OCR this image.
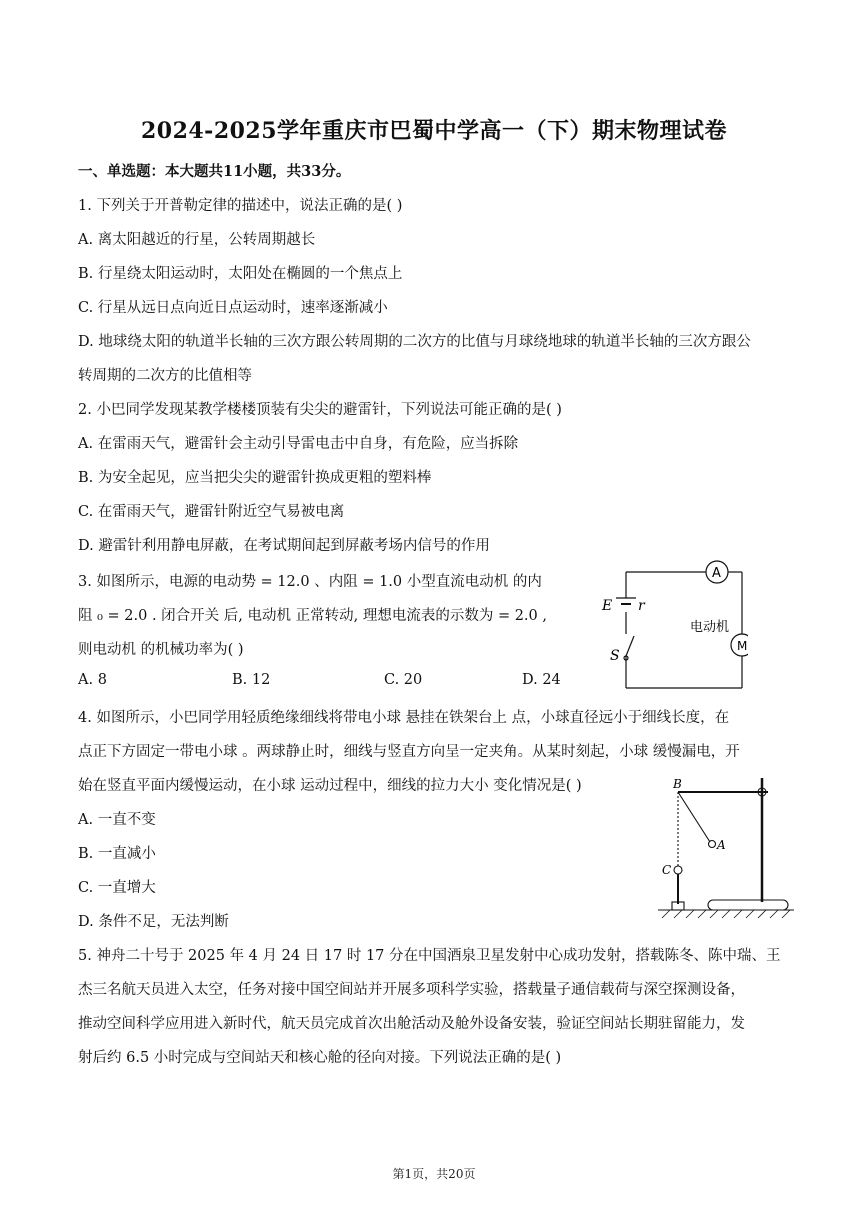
2024-2025学年重庆市巴蜀中学高一（下）期末物理试卷
一、单选题：本大题共11小题，共33分。
1. 下列关于开普勒定律的描述中，说法正确的是( )
A. 离太阳越近的行星，公转周期越长
B. 行星绕太阳运动时，太阳处在椭圆的一个焦点上
C. 行星从远日点向近日点运动时，速率逐渐减小
D. 地球绕太阳的轨道半长轴的三次方跟公转周期的二次方的比值与月球绕地球的轨道半长轴的三次方跟公
转周期的二次方的比值相等
2. 小巴同学发现某教学楼楼顶装有尖尖的避雷针，下列说法可能正确的是( )
A. 在雷雨天气，避雷针会主动引导雷电击中自身，有危险，应当拆除
B. 为安全起见，应当把尖尖的避雷针换成更粗的塑料棒
C. 在雷雨天气，避雷针附近空气易被电离
D. 避雷针利用静电屏蔽，在考试期间起到屏蔽考场内信号的作用
3. 如图所示，电源的电动势 = 12.0 、内阻 = 1.0 小型直流电动机 的内
阻 ₀ = 2.0 . 闭合开关 后, 电动机 正常转动, 理想电流表的示数为 = 2.0 ,
则电动机 的机械功率为( )
A. 8	B. 12	C. 20	D. 24
A
M
E r
电动机
S
4. 如图所示，小巴同学用轻质绝缘细线将带电小球 悬挂在铁架台上 点，小球直径远小于细线长度，在
点正下方固定一带电小球 。两球静止时，细线与竖直方向呈一定夹角。从某时刻起，小球 缓慢漏电，开
始在竖直平面内缓慢运动，在小球 运动过程中，细线的拉力大小 变化情况是( )
A. 一直不变
B. 一直减小
C. 一直增大
D. 条件不足，无法判断
B
A
C
5. 神舟二十号于 2025 年 4 月 24 日 17 时 17 分在中国酒泉卫星发射中心成功发射，搭载陈冬、陈中瑞、王
杰三名航天员进入太空，任务对接中国空间站并开展多项科学实验，搭载量子通信载荷与深空探测设备，
推动空间科学应用进入新时代，航天员完成首次出舱活动及舱外设备安装，验证空间站长期驻留能力，发
射后约 6.5 小时完成与空间站天和核心舱的径向对接。下列说法正确的是( )
第1页，共20页
